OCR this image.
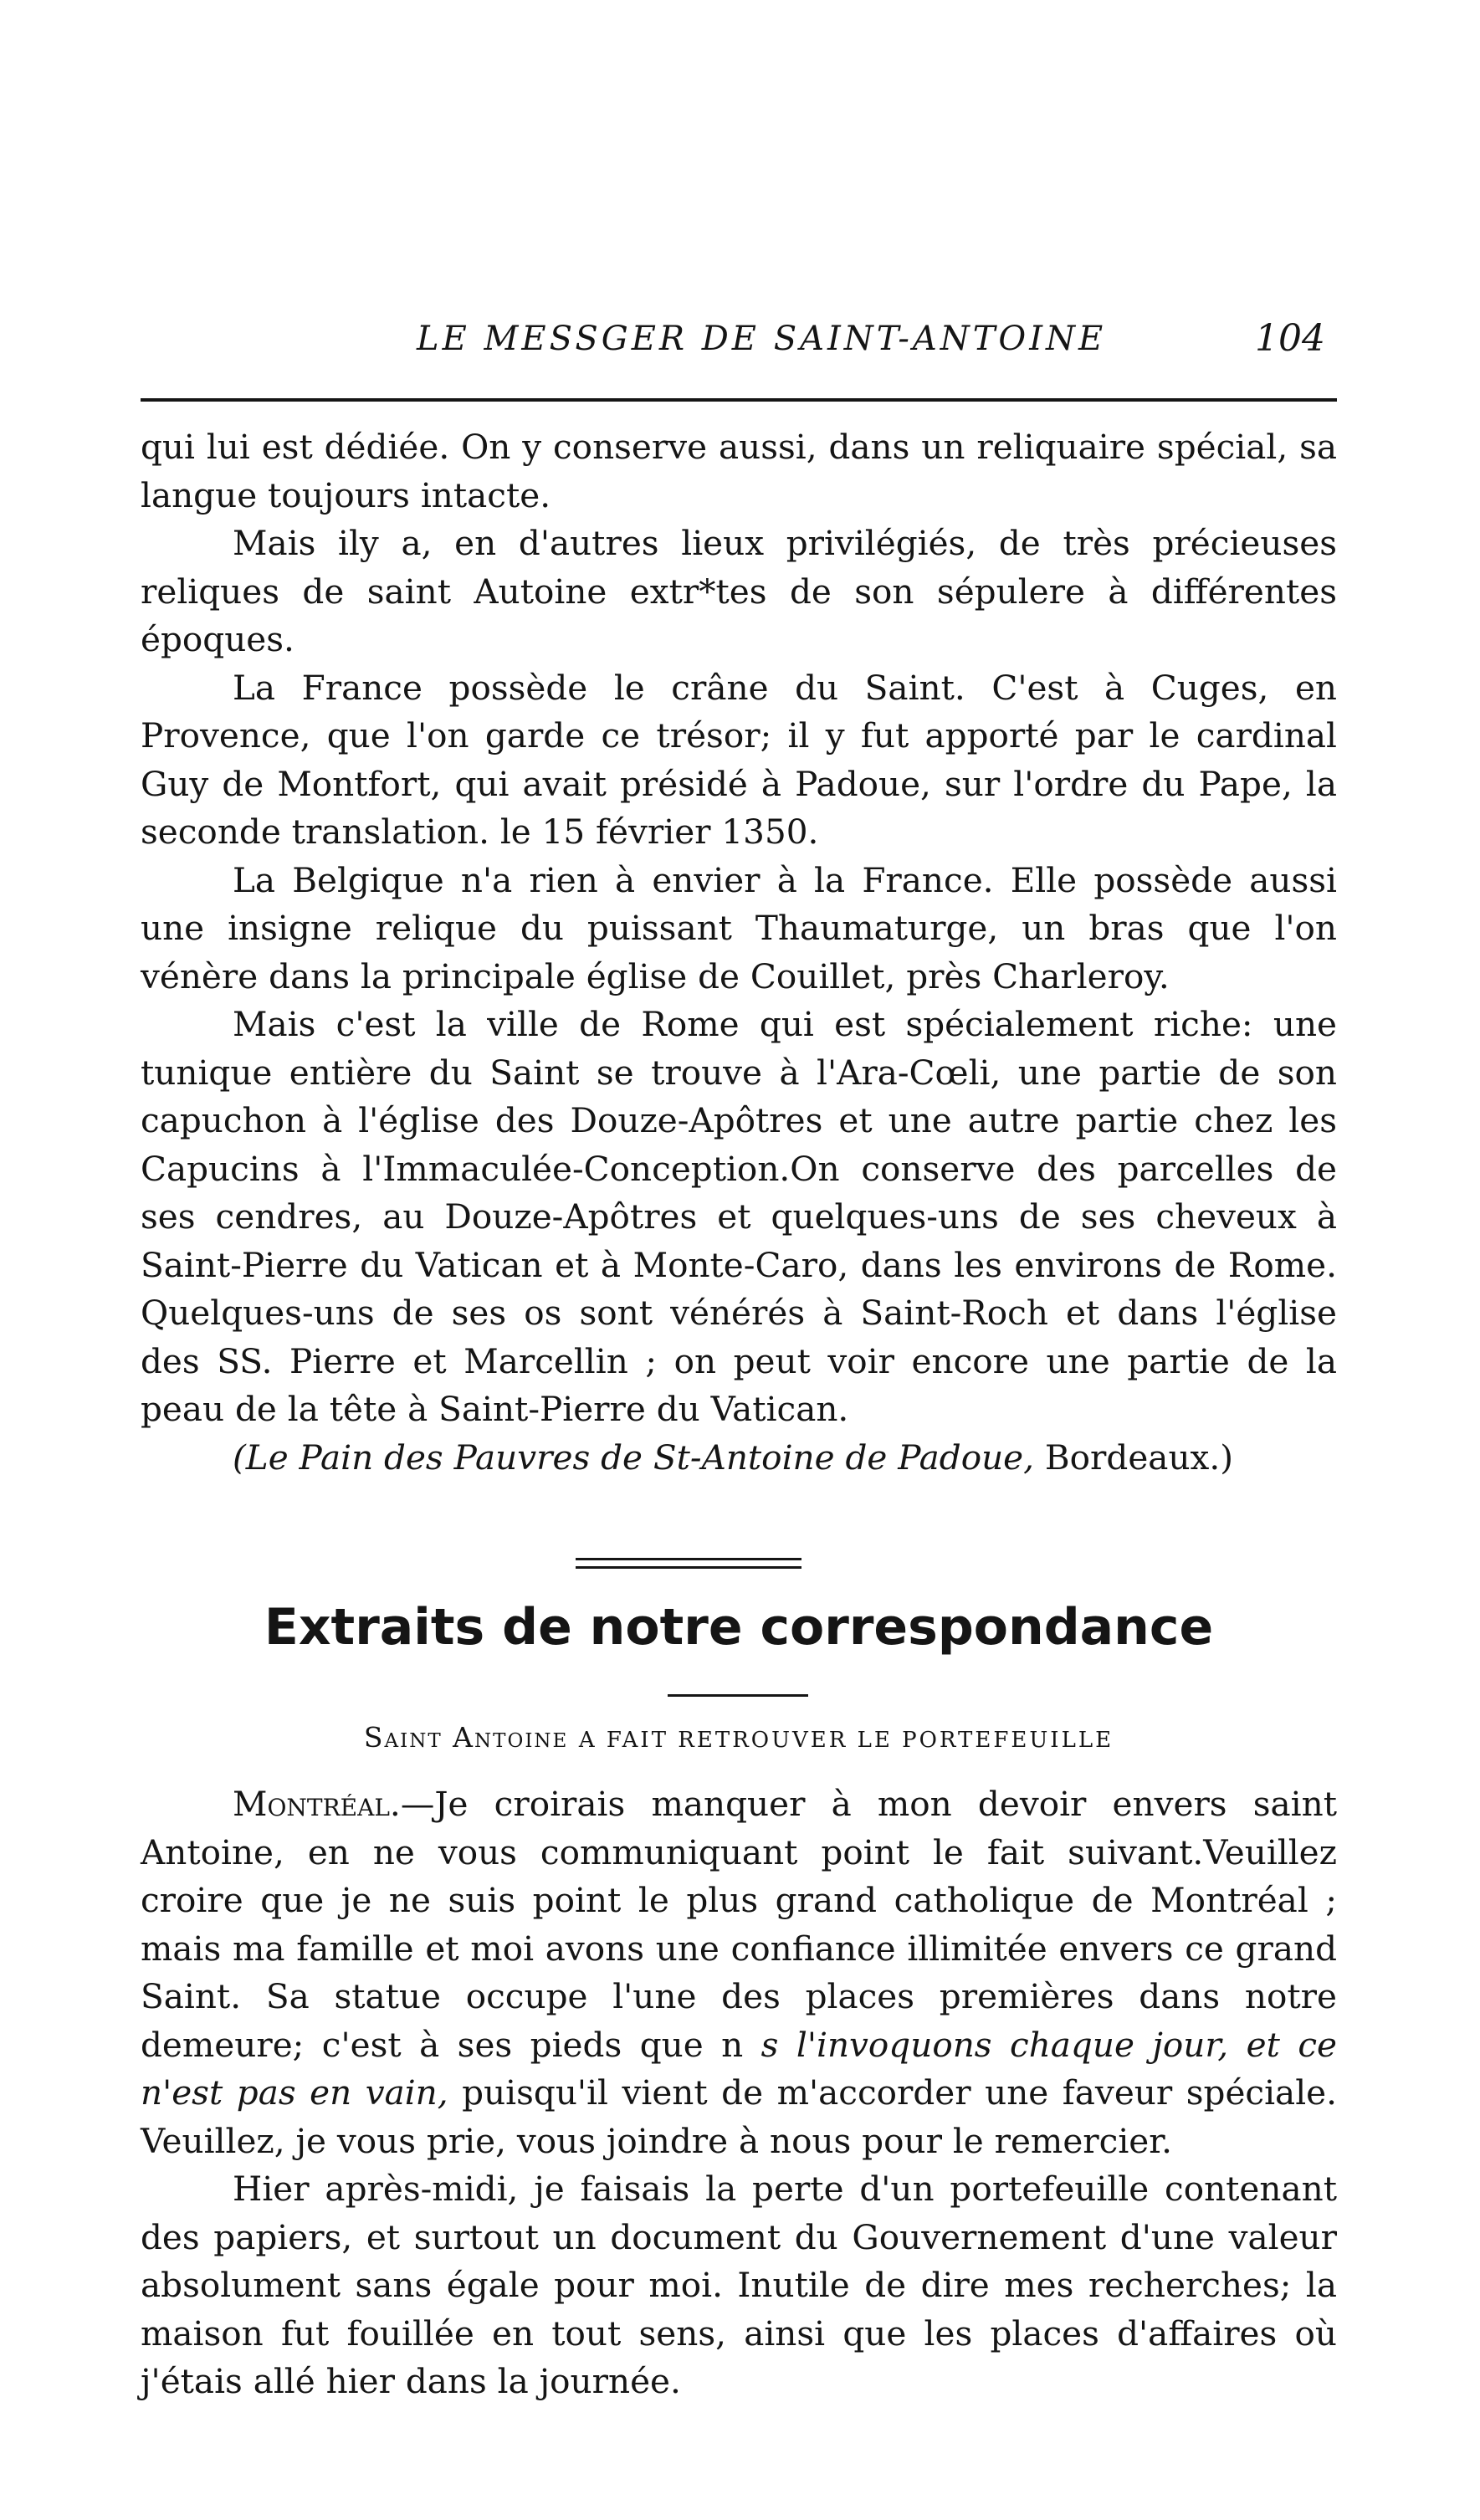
LE MESSGER DE SAINT-ANTOINE	104

qui lui est dédiée. On y conserve aussi, dans un reliquaire spécial, sa langue toujours intacte.

Mais ily a, en d'autres lieux privilégiés, de très précieuses reliques de saint Autoine extr*tes de son sépulere à différentes époques.

La France possède le crâne du Saint. C'est à Cuges, en Provence, que l'on garde ce trésor; il y fut apporté par le cardinal Guy de Montfort, qui avait présidé à Padoue, sur l'ordre du Pape, la seconde translation. le 15 février 1350.

La Belgique n'a rien à envier à la France. Elle possède aussi une insigne relique du puissant Thaumaturge, un bras que l'on vénère dans la principale église de Couillet, près Charleroy.

Mais c'est la ville de Rome qui est spécialement riche: une tunique entière du Saint se trouve à l'Ara-Cœli, une partie de son capuchon à l'église des Douze-Apôtres et une autre partie chez les Capucins à l'Immaculée-Conception.On conserve des parcelles de ses cendres, au Douze-Apôtres et quelques-uns de ses cheveux à Saint-Pierre du Vatican et à Monte-Caro, dans les environs de Rome. Quelques-uns de ses os sont vénérés à Saint-Roch et dans l'église des SS. Pierre et Marcellin ; on peut voir encore une partie de la peau de la tête à Saint-Pierre du Vatican.

(Le Pain des Pauvres de St-Antoine de Padoue, Bordeaux.)

Extraits de notre correspondance
Saint Antoine A FAIT RETROUVER LE PORTEFEUILLE

Montréal.—Je croirais manquer à mon devoir envers saint Antoine, en ne vous communiquant point le fait suivant.Veuillez croire que je ne suis point le plus grand catholique de Montréal ; mais ma famille et moi avons une confiance illimitée envers ce grand Saint. Sa statue occupe l'une des places premières dans notre demeure; c'est à ses pieds que n s l'invoquons chaque jour, et ce n'est pas en vain, puisqu'il vient de m'accorder une faveur spéciale. Veuillez, je vous prie, vous joindre à nous pour le remercier.

Hier après-midi, je faisais la perte d'un portefeuille contenant des papiers, et surtout un document du Gouvernement d'une valeur absolument sans égale pour moi. Inutile de dire mes recherches; la maison fut fouillée en tout sens, ainsi que les places d'affaires où j'étais allé hier dans la journée.
